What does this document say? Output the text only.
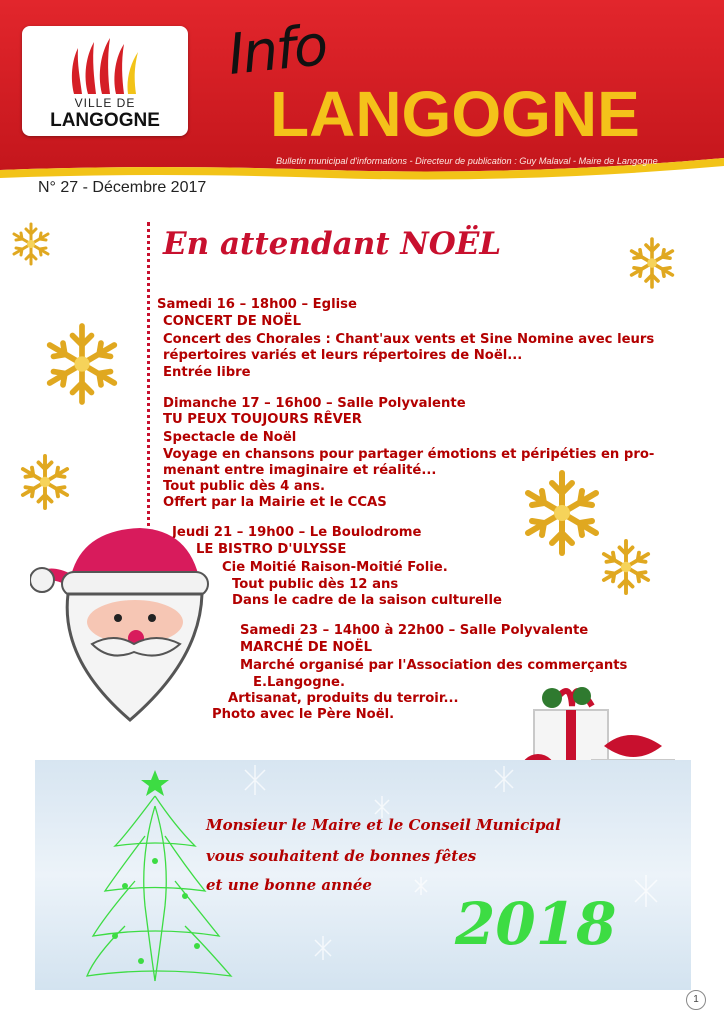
VILLE DE
LANGOGNE
Info
LANGOGNE
Bulletin municipal d'informations - Directeur de publication : Guy Malaval - Maire de Langogne
N° 27 - Décembre 2017
En attendant NOËL
Samedi 16 – 18h00 – Eglise
CONCERT DE NOËL
Concert des Chorales : Chant'aux vents et Sine Nomine avec leurs
répertoires variés et leurs répertoires de Noël...
Entrée libre
Dimanche 17 – 16h00 – Salle Polyvalente
TU PEUX TOUJOURS RÊVER
Spectacle de Noël
Voyage en chansons pour partager émotions et péripéties en pro-
menant entre imaginaire et réalité...
Tout public dès 4 ans.
Offert par la Mairie et le CCAS
Jeudi 21 – 19h00 – Le Boulodrome
LE BISTRO D'ULYSSE
Cie Moitié Raison-Moitié Folie.
Tout public dès 12 ans
Dans le cadre de la saison culturelle
Samedi 23 – 14h00 à 22h00 – Salle Polyvalente
MARCHÉ DE NOËL
Marché organisé par l'Association des commerçants
E.Langogne.
Artisanat, produits du terroir...
Photo avec le Père Noël.
Monsieur le Maire et le Conseil Municipal
vous souhaitent de bonnes fêtes
et une bonne année
2018
1
